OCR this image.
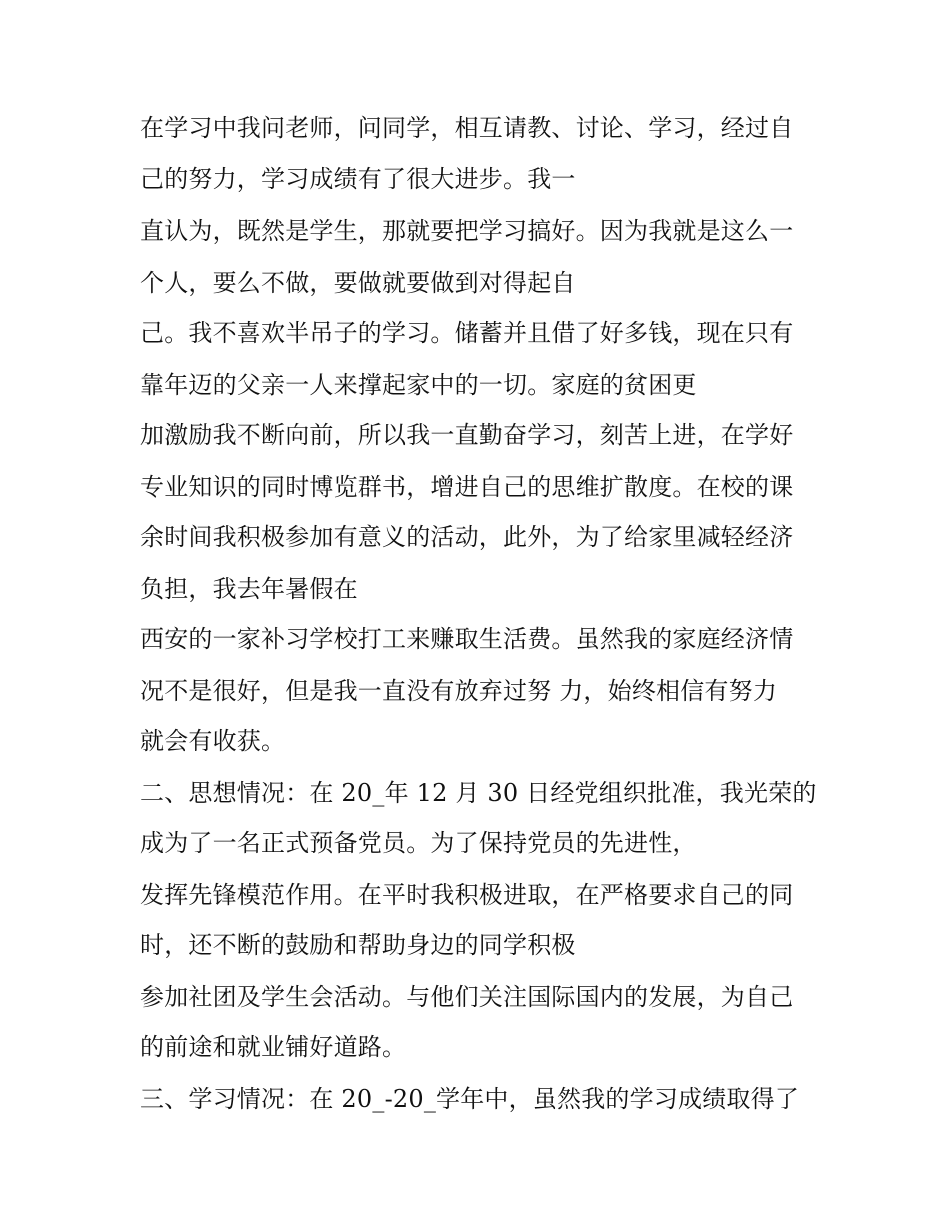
在学习中我问老师，问同学，相互请教、讨论、学习，经过自
己的努力，学习成绩有了很大进步。我一
直认为，既然是学生，那就要把学习搞好。因为我就是这么一
个人，要么不做，要做就要做到对得起自
己。我不喜欢半吊子的学习。储蓄并且借了好多钱，现在只有
靠年迈的父亲一人来撑起家中的一切。家庭的贫困更
加激励我不断向前，所以我一直勤奋学习，刻苦上进，在学好
专业知识的同时博览群书，增进自己的思维扩散度。在校的课
余时间我积极参加有意义的活动，此外，为了给家里减轻经济
负担，我去年暑假在
西安的一家补习学校打工来赚取生活费。虽然我的家庭经济情
况不是很好，但是我一直没有放弃过努 力，始终相信有努力
就会有收获。
二、思想情况：在 20_年 12 月 30 日经党组织批准，我光荣的
成为了一名正式预备党员。为了保持党员的先进性，
发挥先锋模范作用。在平时我积极进取，在严格要求自己的同
时，还不断的鼓励和帮助身边的同学积极
参加社团及学生会活动。与他们关注国际国内的发展，为自己
的前途和就业铺好道路。
三、学习情况：在 20_-20_学年中，虽然我的学习成绩取得了
